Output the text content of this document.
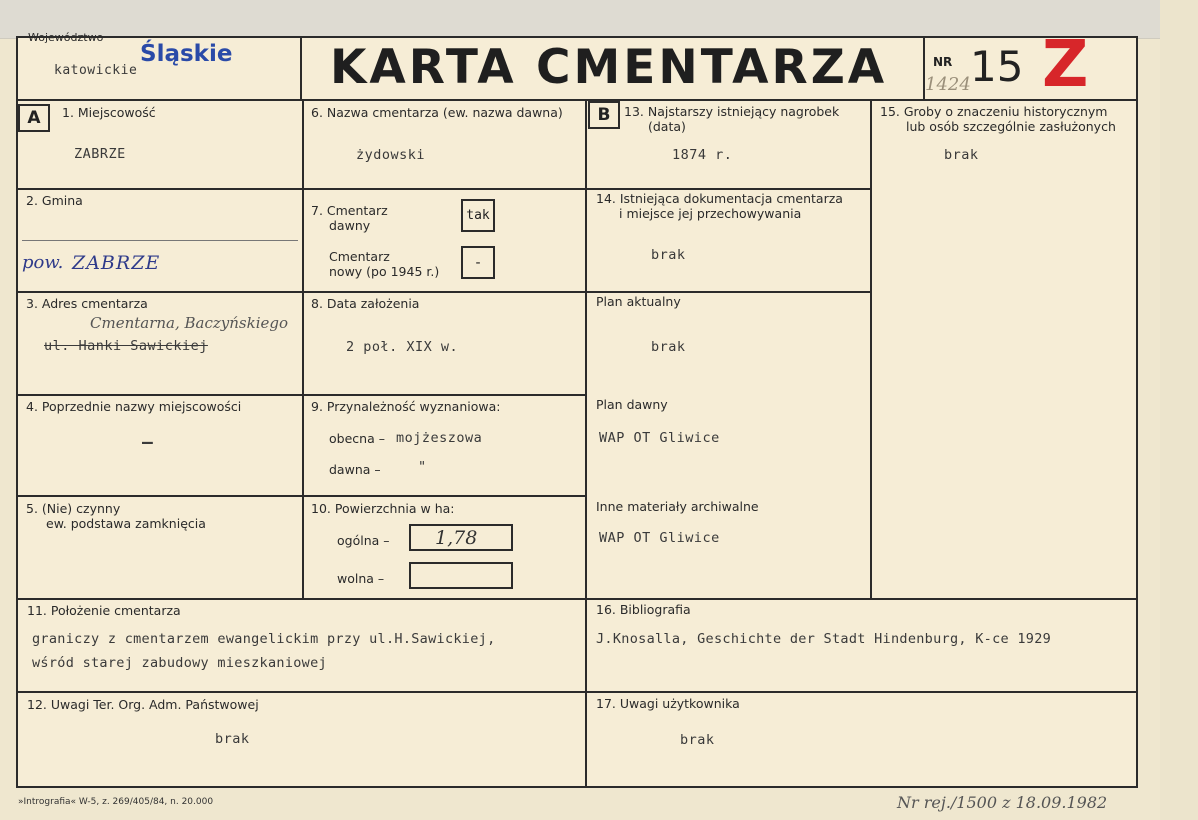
Województwo
katowickie
Śląskie KARTA CMENTARZA	NR
1424 15 Z
A	B
1. Miejscowość
ZABRZE
2. Gmina
pow. ZABRZE
3. Adres cmentarza
Cmentarna, Baczyńskiego
ul. Hanki Sawickiej
4. Poprzednie nazwy miejscowości
–
5. (Nie) czynny
ew. podstawa zamknięcia
6. Nazwa cmentarza (ew. nazwa dawna)
żydowski
7. Cmentarz
dawny
tak
Cmentarz
nowy (po 1945 r.)
-
8. Data założenia
2 poł. XIX w.
9. Przynależność wyznaniowa:
obecna – mojżeszowa
dawna –	"
10. Powierzchnia w ha:
ogólna – 1,78
wolna –
13. Najstarszy istniejący nagrobek
(data)
1874 r.
14. Istniejąca dokumentacja cmentarza
i miejsce jej przechowywania
brak
Plan aktualny
brak
Plan dawny
WAP OT Gliwice
Inne materiały archiwalne
WAP OT Gliwice
15. Groby o znaczeniu historycznym
lub osób szczególnie zasłużonych
brak
11. Położenie cmentarza
graniczy z cmentarzem ewangelickim przy ul.H.Sawickiej,
wśród starej zabudowy mieszkaniowej
16. Bibliografia
J.Knosalla, Geschichte der Stadt Hindenburg, K-ce 1929
12. Uwagi Ter. Org. Adm. Państwowej
brak
17. Uwagi użytkownika
brak
»Intrografia« W-5, z. 269/405/84, n. 20.000	Nr rej./1500 z 18.09.1982
